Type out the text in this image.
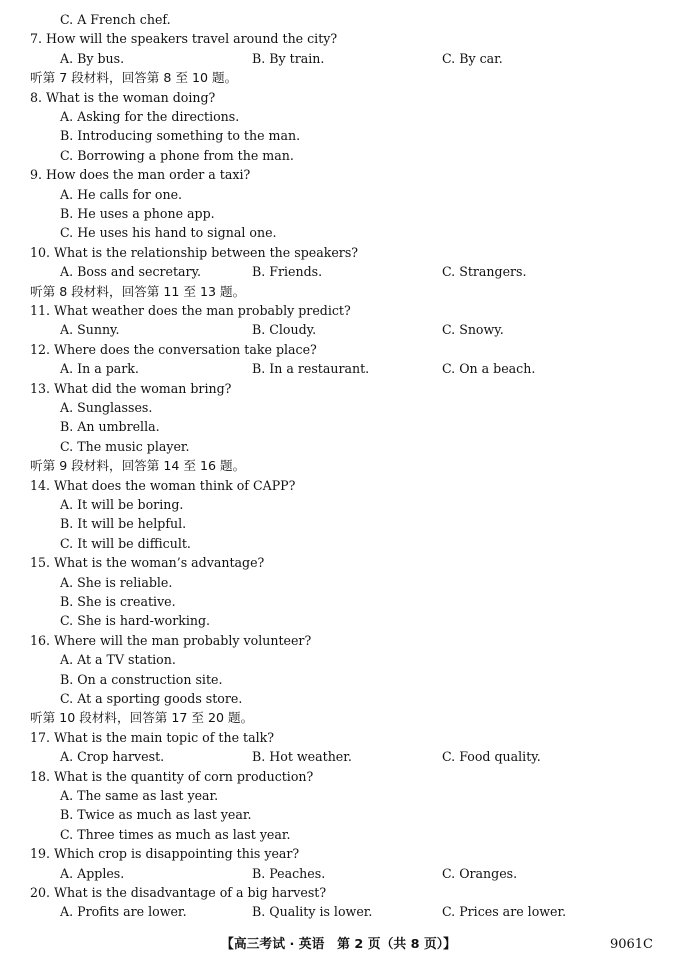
C. A French chef.
7. How will the speakers travel around the city?
A. By bus.	B. By train.	C. By car.
听第 7 段材料，回答第 8 至 10 题。
8. What is the woman doing?
A. Asking for the directions.
B. Introducing something to the man.
C. Borrowing a phone from the man.
9. How does the man order a taxi?
A. He calls for one.
B. He uses a phone app.
C. He uses his hand to signal one.
10. What is the relationship between the speakers?
A. Boss and secretary.	B. Friends.	C. Strangers.
听第 8 段材料，回答第 11 至 13 题。
11. What weather does the man probably predict?
A. Sunny.	B. Cloudy.	C. Snowy.
12. Where does the conversation take place?
A. In a park.	B. In a restaurant.	C. On a beach.
13. What did the woman bring?
A. Sunglasses.
B. An umbrella.
C. The music player.
听第 9 段材料，回答第 14 至 16 题。
14. What does the woman think of CAPP?
A. It will be boring.
B. It will be helpful.
C. It will be difficult.
15. What is the woman’s advantage?
A. She is reliable.
B. She is creative.
C. She is hard-working.
16. Where will the man probably volunteer?
A. At a TV station.
B. On a construction site.
C. At a sporting goods store.
听第 10 段材料，回答第 17 至 20 题。
17. What is the main topic of the talk?
A. Crop harvest.	B. Hot weather.	C. Food quality.
18. What is the quantity of corn production?
A. The same as last year.
B. Twice as much as last year.
C. Three times as much as last year.
19. Which crop is disappointing this year?
A. Apples.	B. Peaches.	C. Oranges.
20. What is the disadvantage of a big harvest?
A. Profits are lower.	B. Quality is lower.	C. Prices are lower.
【高三考试 · 英语　第 2 页（共 8 页）】	9061C
